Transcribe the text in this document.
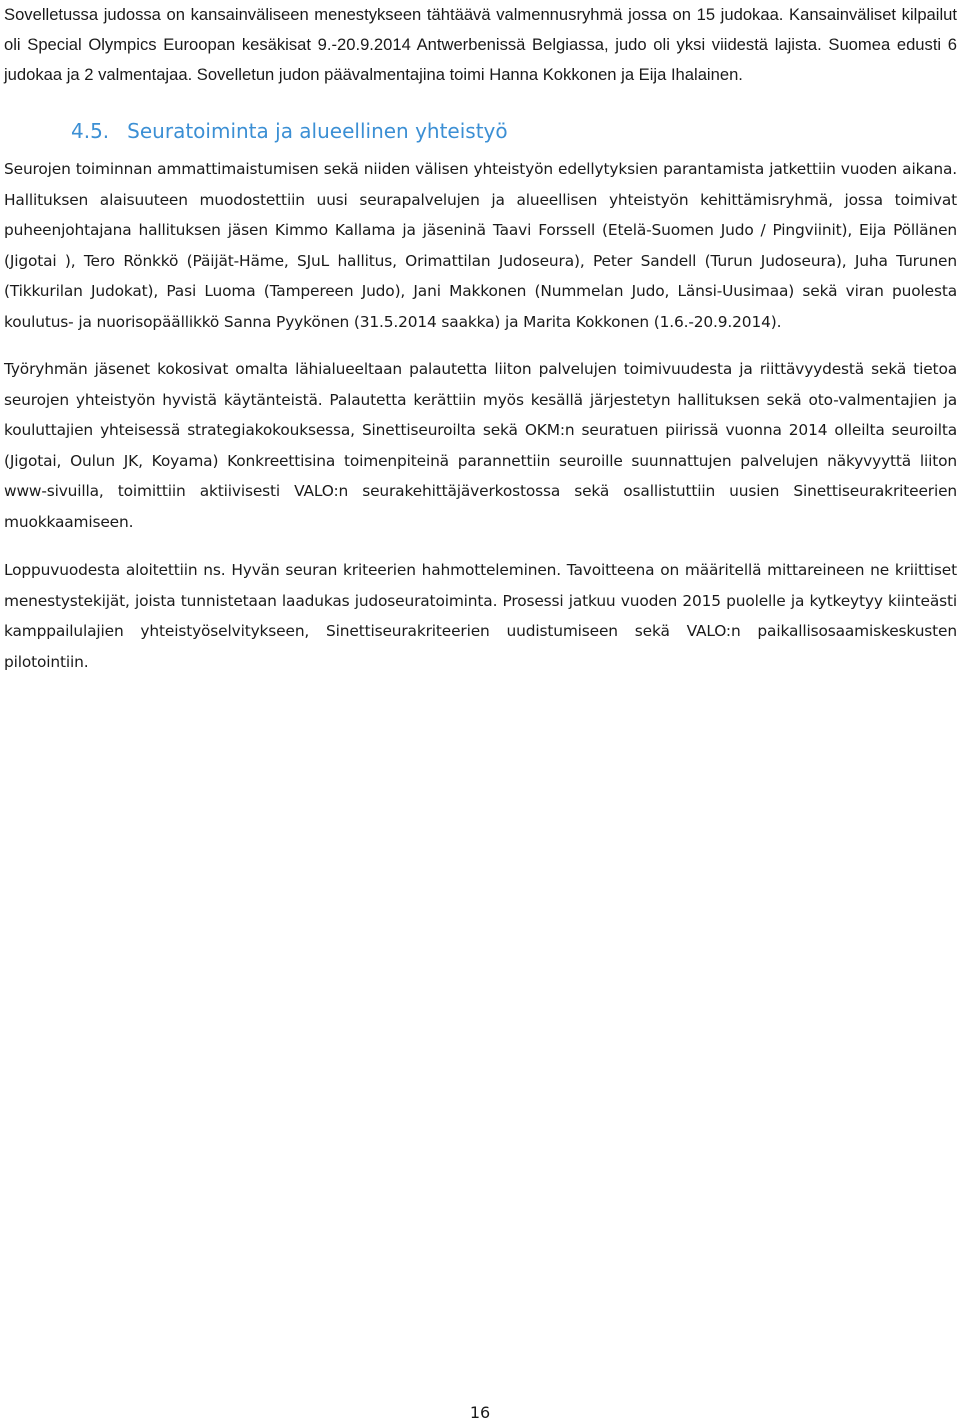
Sovelletussa judossa on kansainväliseen menestykseen tähtäävä valmennusryhmä jossa on 15 judokaa. Kansainväliset kilpailut oli Special Olympics Euroopan kesäkisat 9.-20.9.2014 Antwerbenissä Belgiassa, judo oli yksi viidestä lajista. Suomea edusti 6 judokaa ja 2 valmentajaa. Sovelletun judon päävalmentajina toimi Hanna Kokkonen ja Eija Ihalainen.

4.5. Seuratoiminta ja alueellinen yhteistyö

Seurojen toiminnan ammattimaistumisen sekä niiden välisen yhteistyön edellytyksien parantamista jatkettiin vuoden aikana. Hallituksen alaisuuteen muodostettiin uusi seurapalvelujen ja alueellisen yhteistyön kehittämisryhmä, jossa toimivat puheenjohtajana hallituksen jäsen Kimmo Kallama ja jäseninä Taavi Forssell (Etelä-Suomen Judo / Pingviinit), Eija Pöllänen (Jigotai ), Tero Rönkkö (Päijät-Häme, SJuL hallitus, Orimattilan Judoseura), Peter Sandell (Turun Judoseura), Juha Turunen (Tikkurilan Judokat), Pasi Luoma (Tampereen Judo), Jani Makkonen (Nummelan Judo, Länsi-Uusimaa) sekä viran puolesta koulutus- ja nuorisopäällikkö Sanna Pyykönen (31.5.2014 saakka) ja Marita Kokkonen (1.6.-20.9.2014).

Työryhmän jäsenet kokosivat omalta lähialueeltaan palautetta liiton palvelujen toimivuudesta ja riittävyydestä sekä tietoa seurojen yhteistyön hyvistä käytänteistä. Palautetta kerättiin myös kesällä järjestetyn hallituksen sekä oto-valmentajien ja kouluttajien yhteisessä strategiakokouksessa, Sinettiseuroilta sekä OKM:n seuratuen piirissä vuonna 2014 olleilta seuroilta (Jigotai, Oulun JK, Koyama) Konkreettisina toimenpiteinä parannettiin seuroille suunnattujen palvelujen näkyvyyttä liiton www-sivuilla, toimittiin aktiivisesti VALO:n seurakehittäjäverkostossa sekä osallistuttiin uusien Sinettiseurakriteerien muokkaamiseen.

Loppuvuodesta aloitettiin ns. Hyvän seuran kriteerien hahmotteleminen. Tavoitteena on määritellä mittareineen ne kriittiset menestystekijät, joista tunnistetaan laadukas judoseuratoiminta. Prosessi jatkuu vuoden 2015 puolelle ja kytkeytyy kiinteästi kamppailulajien yhteistyöselvitykseen, Sinettiseurakriteerien uudistumiseen sekä VALO:n paikallisosaamiskeskusten pilotointiin.

16
